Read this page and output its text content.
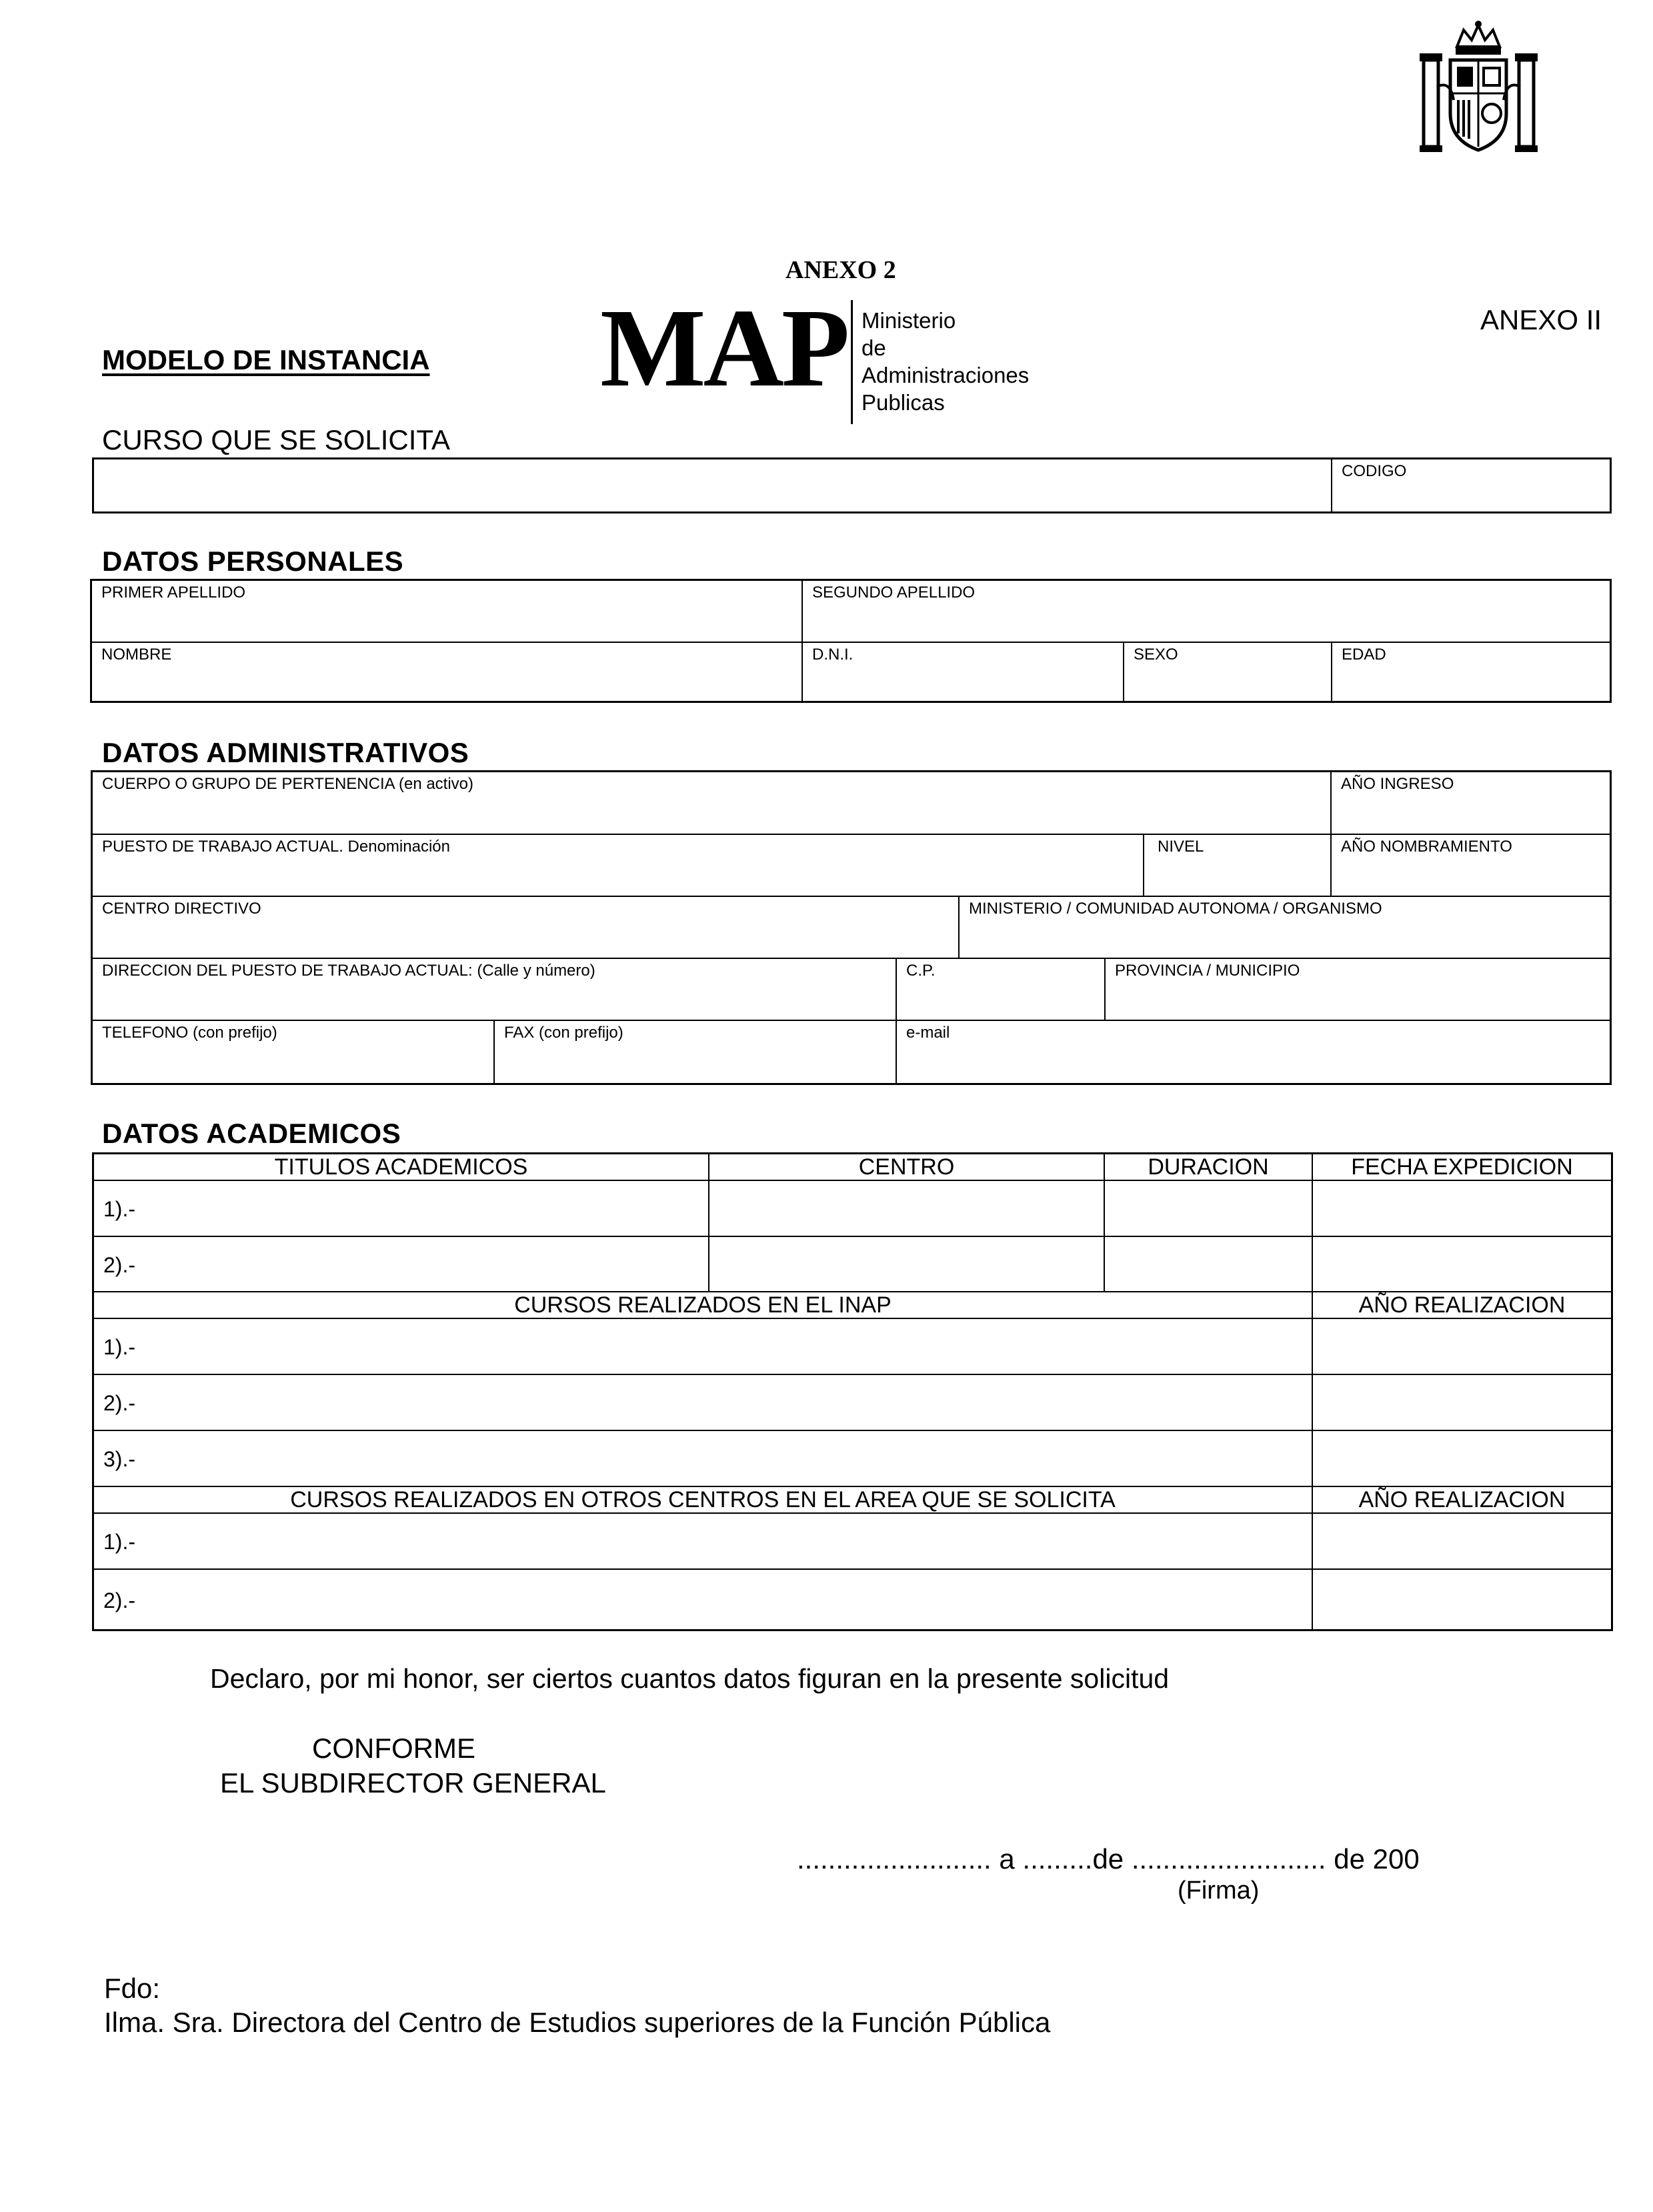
ANEXO 2
ANEXO II
MODELO DE INSTANCIA MAP Ministerio
de
Administraciones
Publicas
CURSO QUE SE SOLICITA
CODIGO
DATOS PERSONALES
PRIMER APELLIDO	SEGUNDO APELLIDO
NOMBRE	D.N.I.	SEXO	EDAD
DATOS ADMINISTRATIVOS
CUERPO O GRUPO DE PERTENENCIA (en activo)	AÑO INGRESO
PUESTO DE TRABAJO ACTUAL. Denominación	NIVEL	AÑO NOMBRAMIENTO
CENTRO DIRECTIVO	MINISTERIO / COMUNIDAD AUTONOMA / ORGANISMO
DIRECCION DEL PUESTO DE TRABAJO ACTUAL: (Calle y número)	C.P.	PROVINCIA / MUNICIPIO
TELEFONO (con prefijo)	FAX (con prefijo)	e-mail
DATOS ACADEMICOS
TITULOS ACADEMICOS	CENTRO	DURACION	FECHA EXPEDICION
1).-
2).-
CURSOS REALIZADOS EN EL INAP	AÑO REALIZACION
1).-
2).-
3).-
CURSOS REALIZADOS EN OTROS CENTROS EN EL AREA QUE SE SOLICITA	AÑO REALIZACION
1).-
2).-
Declaro, por mi honor, ser ciertos cuantos datos figuran en la presente solicitud
CONFORME
EL SUBDIRECTOR GENERAL
......................... a .........de ......................... de 200
(Firma)
Fdo:
Ilma. Sra. Directora del Centro de Estudios superiores de la Función Pública
